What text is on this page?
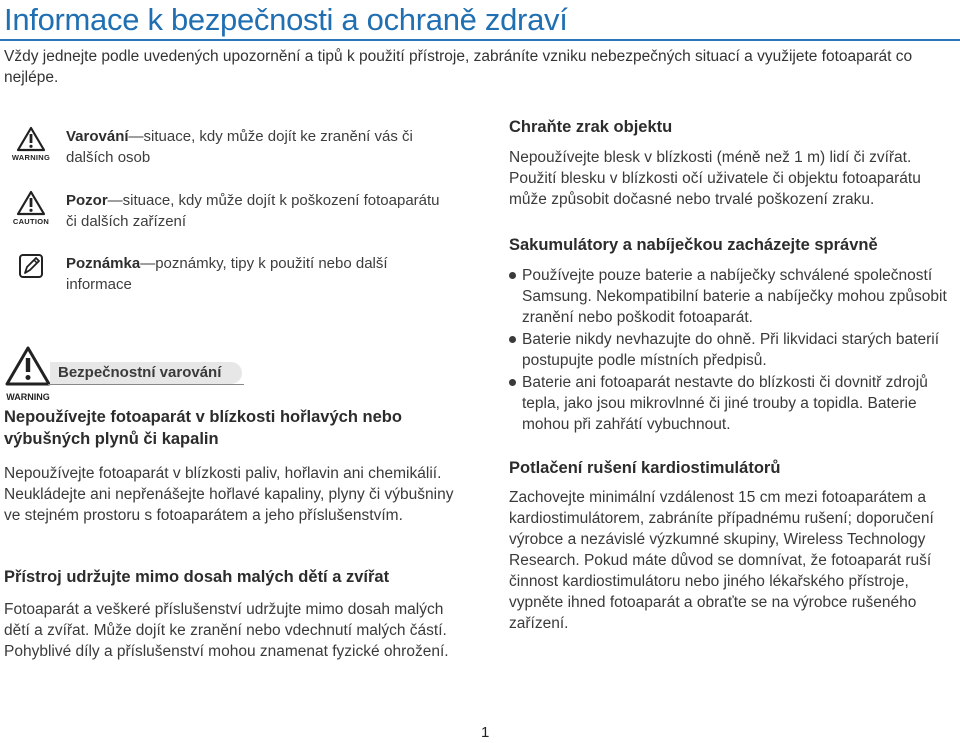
Informace k bezpečnosti a ochraně zdraví

Vždy jednejte podle uvedených upozornění a tipů k použití přístroje, zabráníte vzniku nebezpečných situací a využijete fotoaparát co nejlépe.

WARNING
Varování—situace, kdy může dojít ke zranění vás či dalších osob
CAUTION
Pozor—situace, kdy může dojít k poškození fotoaparátu či dalších zařízení
Poznámka—poznámky, tipy k použití nebo další informace
WARNING
Bezpečnostní varování
Nepoužívejte fotoaparát v blízkosti hořlavých nebo výbušných plynů či kapalin

Nepoužívejte fotoaparát v blízkosti paliv, hořlavin ani chemikálií. Neukládejte ani nepřenášejte hořlavé kapaliny, plyny či výbušniny ve stejném prostoru s fotoaparátem a jeho příslušenstvím.

Přístroj udržujte mimo dosah malých dětí a zvířat

Fotoaparát a veškeré příslušenství udržujte mimo dosah malých dětí a zvířat. Může dojít ke zranění nebo vdechnutí malých částí. Pohyblivé díly a příslušenství mohou znamenat fyzické ohrožení.

Chraňte zrak objektu

Nepoužívejte blesk v blízkosti (méně než 1 m) lidí či zvířat. Použití blesku v blízkosti očí uživatele či objektu fotoaparátu může způsobit dočasné nebo trvalé poškození zraku.

Sakumulátory a nabíječkou zacházejte správně
Používejte pouze baterie a nabíječky schválené společností Samsung. Nekompatibilní baterie a nabíječky mohou způsobit zranění nebo poškodit fotoaparát.
Baterie nikdy nevhazujte do ohně. Při likvidaci starých baterií postupujte podle místních předpisů.
Baterie ani fotoaparát nestavte do blízkosti či dovnitř zdrojů tepla, jako jsou mikrovlnné či jiné trouby a topidla. Baterie mohou při zahřátí vybuchnout.
Potlačení rušení kardiostimulátorů

Zachovejte minimální vzdálenost 15 cm mezi fotoaparátem a kardiostimulátorem, zabráníte případnému rušení; doporučení výrobce a nezávislé výzkumné skupiny, Wireless Technology Research. Pokud máte důvod se domnívat, že fotoaparát ruší činnost kardiostimulátoru nebo jiného lékařského přístroje, vypněte ihned fotoaparát a obraťte se na výrobce rušeného zařízení.

1
